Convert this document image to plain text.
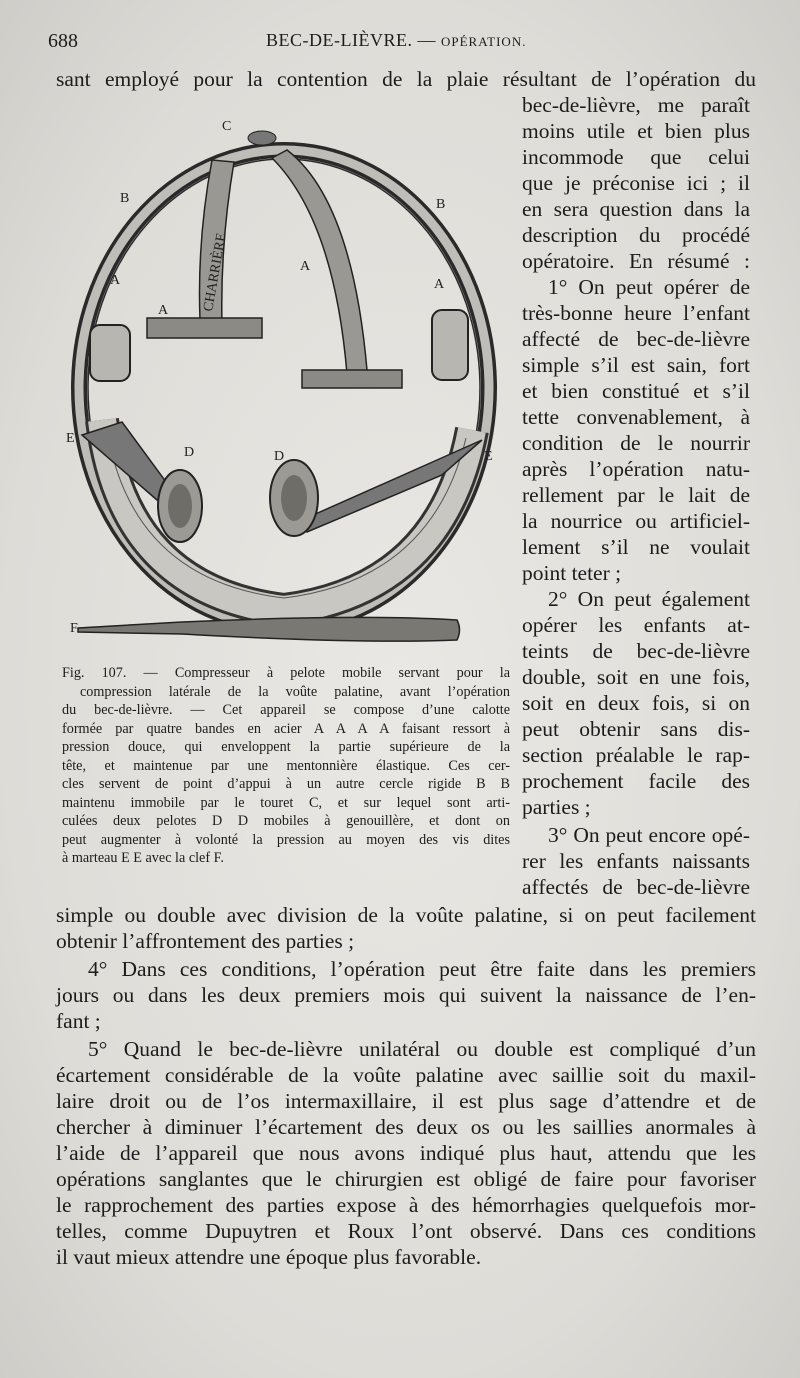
688	BEC-DE-LIÈVRE. — OPÉRATION.
sant employé pour la contention de la plaie résultant de l’opération du
C
B	B
A
A
A
A
D	D
E
E
F
CHARRIÈRE
Fig. 107. — Compresseur à pelote mobile servant pour la
compression latérale de la voûte palatine, avant l’opération
du bec-de-lièvre. — Cet appareil se compose d’une calotte
formée par quatre bandes en acier A A A A faisant ressort à
pression douce, qui enveloppent la partie supérieure de la
tête, et maintenue par une mentonnière élastique. Ces cer-
cles servent de point d’appui à un autre cercle rigide B B
maintenu immobile par le touret C, et sur lequel sont arti-
culées deux pelotes D D mobiles à genouillère, et dont on
peut augmenter à volonté la pression au moyen des vis dites
à marteau E E avec la clef F.
bec-de-lièvre, me paraît
moins utile et bien plus
incommode que celui
que je préconise ici ; il
en sera question dans la
description du procédé
opératoire. En résumé :
1° On peut opérer de
très-bonne heure l’enfant
affecté de bec-de-lièvre
simple s’il est sain, fort
et bien constitué et s’il
tette convenablement, à
condition de le nourrir
après l’opération natu-
rellement par le lait de
la nourrice ou artificiel-
lement s’il ne voulait
point teter ;
2° On peut également
opérer les enfants at-
teints de bec-de-lièvre
double, soit en une fois,
soit en deux fois, si on
peut obtenir sans dis-
section préalable le rap-
prochement facile des
parties ;
3° On peut encore opé-
rer les enfants naissants
affectés de bec-de-lièvre
simple ou double avec division de la voûte palatine, si on peut facilement
obtenir l’affrontement des parties ;
4° Dans ces conditions, l’opération peut être faite dans les premiers
jours ou dans les deux premiers mois qui suivent la naissance de l’en-
fant ;
5° Quand le bec-de-lièvre unilatéral ou double est compliqué d’un
écartement considérable de la voûte palatine avec saillie soit du maxil-
laire droit ou de l’os intermaxillaire, il est plus sage d’attendre et de
chercher à diminuer l’écartement des deux os ou les saillies anormales à
l’aide de l’appareil que nous avons indiqué plus haut, attendu que les
opérations sanglantes que le chirurgien est obligé de faire pour favoriser
le rapprochement des parties expose à des hémorrhagies quelquefois mor-
telles, comme Dupuytren et Roux l’ont observé. Dans ces conditions
il vaut mieux attendre une époque plus favorable.
